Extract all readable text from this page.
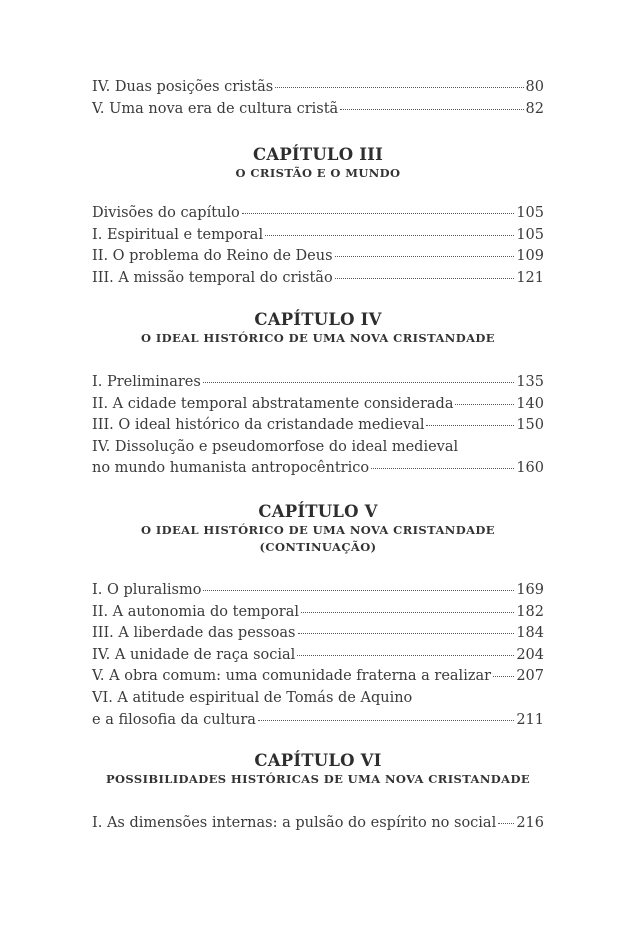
IV. Duas posições cristãs	80
V. Uma nova era de cultura cristã	82
CAPÍTULO III
O CRISTÃO E O MUNDO
Divisões do capítulo	105
I. Espiritual e temporal	105
II. O problema do Reino de Deus	109
III. A missão temporal do cristão	121
CAPÍTULO IV
O IDEAL HISTÓRICO DE UMA NOVA CRISTANDADE
I. Preliminares	135
II. A cidade temporal abstratamente considerada	140
III. O ideal histórico da cristandade medieval	150
IV. Dissolução e pseudomorfose do ideal medieval
no mundo humanista antropocêntrico	160
CAPÍTULO V
O IDEAL HISTÓRICO DE UMA NOVA CRISTANDADE
(CONTINUAÇÃO)
I. O pluralismo	169
II. A autonomia do temporal	182
III. A liberdade das pessoas	184
IV. A unidade de raça social	204
V. A obra comum: uma comunidade fraterna a realizar 207
VI. A atitude espiritual de Tomás de Aquino
e a filosofia da cultura	211
CAPÍTULO VI
POSSIBILIDADES HISTÓRICAS DE UMA NOVA CRISTANDADE
I. As dimensões internas: a pulsão do espírito no social 216
